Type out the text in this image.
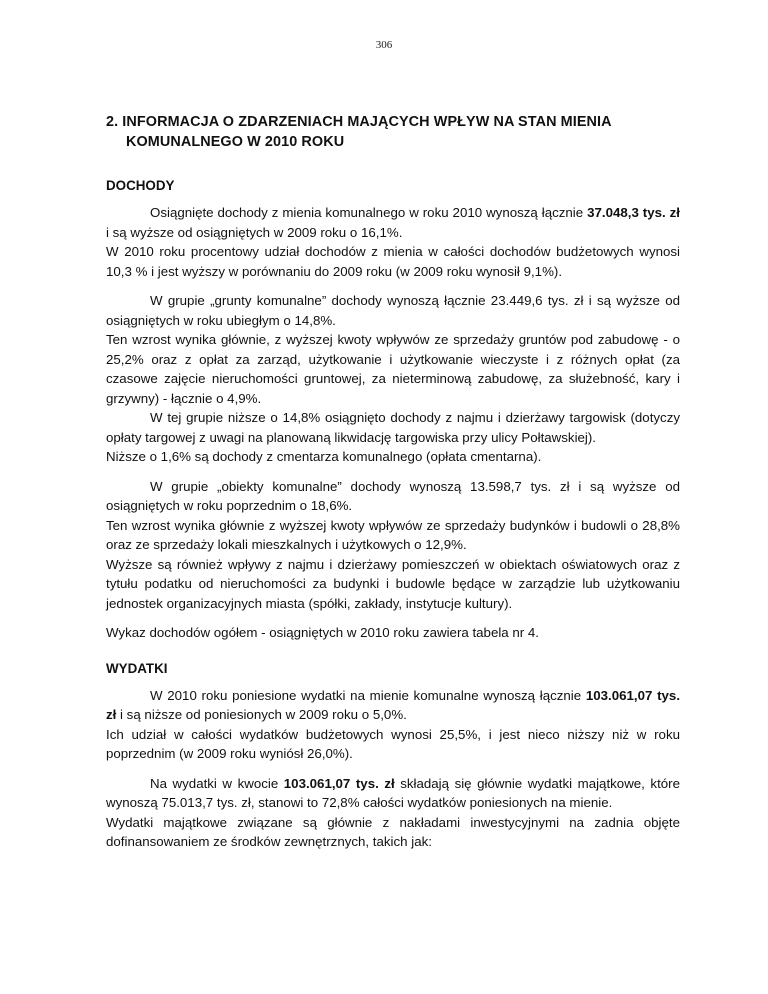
306
2. INFORMACJA O ZDARZENIACH MAJĄCYCH WPŁYW NA STAN MIENIA
KOMUNALNEGO W 2010 ROKU
DOCHODY

Osiągnięte dochody z mienia komunalnego w roku 2010 wynoszą łącznie 37.048,3 tys. zł i są wyższe od osiągniętych w 2009 roku o 16,1%.

W 2010 roku procentowy udział dochodów z mienia w całości dochodów budżetowych wynosi 10,3 % i jest wyższy w porównaniu do 2009 roku (w 2009 roku wynosił 9,1%).

W grupie „grunty komunalne” dochody wynoszą łącznie 23.449,6 tys. zł i są wyższe od osiągniętych w roku ubiegłym o 14,8%.

Ten wzrost wynika głównie, z wyższej kwoty wpływów ze sprzedaży gruntów pod zabudowę - o 25,2% oraz z opłat za zarząd, użytkowanie i użytkowanie wieczyste i z różnych opłat (za czasowe zajęcie nieruchomości gruntowej, za nieterminową zabudowę, za służebność, kary i grzywny) - łącznie o 4,9%.

W tej grupie niższe o 14,8% osiągnięto dochody z najmu i dzierżawy targowisk (dotyczy opłaty targowej z uwagi na planowaną likwidację targowiska przy ulicy Połtawskiej).

Niższe o 1,6% są dochody z cmentarza komunalnego (opłata cmentarna).

W grupie „obiekty komunalne” dochody wynoszą 13.598,7 tys. zł i są wyższe od osiągniętych w roku poprzednim o 18,6%.

Ten wzrost wynika głównie z wyższej kwoty wpływów ze sprzedaży budynków i budowli o 28,8% oraz ze sprzedaży lokali mieszkalnych i użytkowych o 12,9%.

Wyższe są również wpływy z najmu i dzierżawy pomieszczeń w obiektach oświatowych oraz z tytułu podatku od nieruchomości za budynki i budowle będące w zarządzie lub użytkowaniu jednostek organizacyjnych miasta (spółki, zakłady, instytucje kultury).

Wykaz dochodów ogółem - osiągniętych w 2010 roku zawiera tabela nr 4.

WYDATKI

W 2010 roku poniesione wydatki na mienie komunalne wynoszą łącznie 103.061,07 tys. zł i są niższe od poniesionych w 2009 roku o 5,0%.

Ich udział w całości wydatków budżetowych wynosi 25,5%, i jest nieco niższy niż w roku poprzednim (w 2009 roku wyniósł 26,0%).

Na wydatki w kwocie 103.061,07 tys. zł składają się głównie wydatki majątkowe, które wynoszą 75.013,7 tys. zł, stanowi to 72,8% całości wydatków poniesionych na mienie.

Wydatki majątkowe związane są głównie z nakładami inwestycyjnymi na zadnia objęte dofinansowaniem ze środków zewnętrznych, takich jak:
